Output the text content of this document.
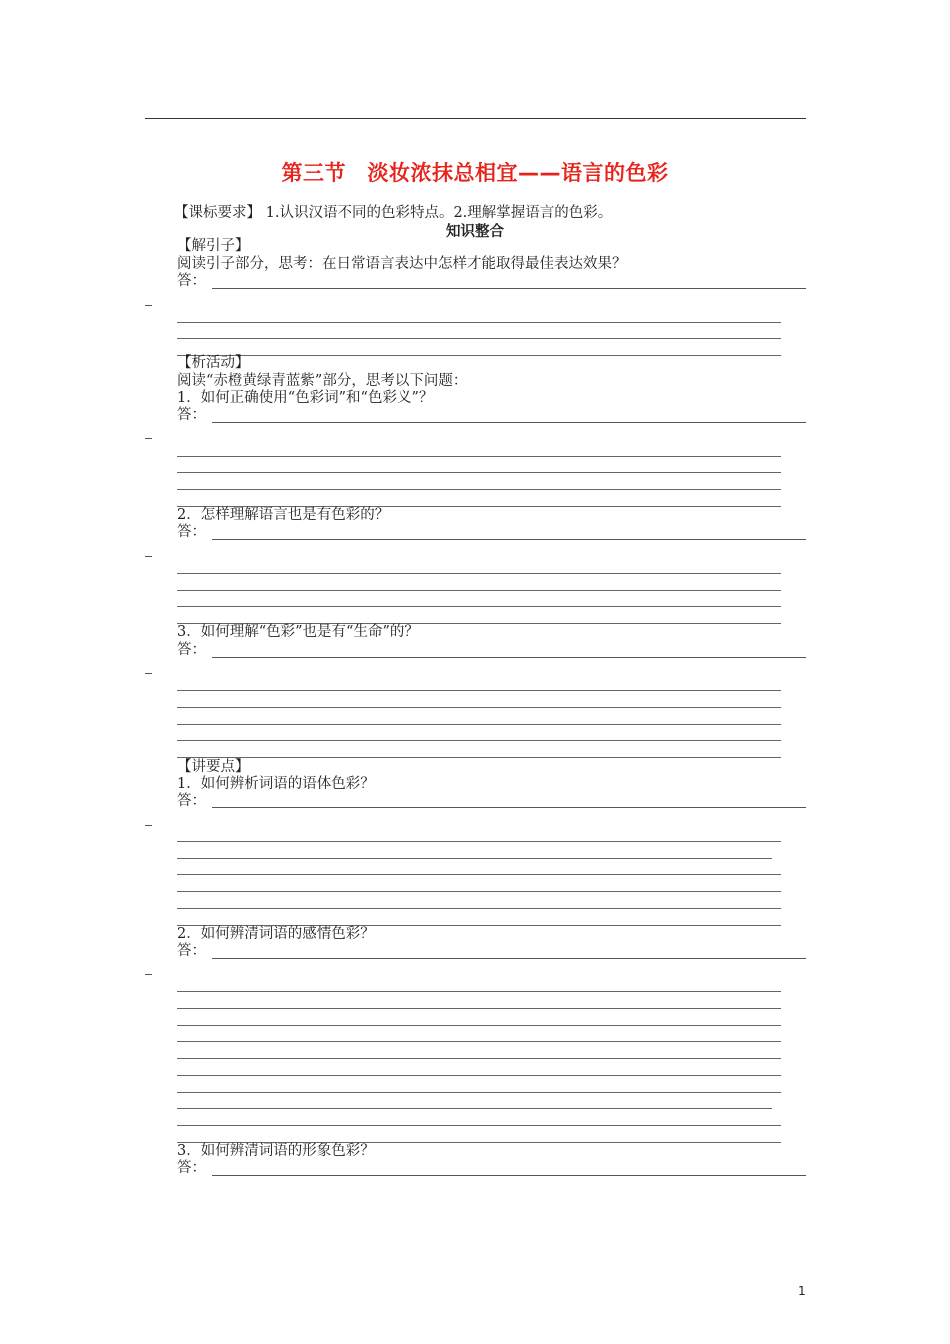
第三节　淡妆浓抹总相宜——语言的色彩
【课标要求】 1.认识汉语不同的色彩特点。2.理解掌握语言的色彩。
知识整合
【解引子】
阅读引子部分，思考：在日常语言表达中怎样才能取得最佳表达效果？
答：
【析活动】
阅读“赤橙黄绿青蓝紫”部分，思考以下问题：
1．如何正确使用“色彩词”和“色彩义”？
答：
2．怎样理解语言也是有色彩的？
答：
3．如何理解“色彩”也是有“生命”的？
答：
【讲要点】
1．如何辨析词语的语体色彩？
答：
2．如何辨清词语的感情色彩？
答：
3．如何辨清词语的形象色彩？
答：
1
